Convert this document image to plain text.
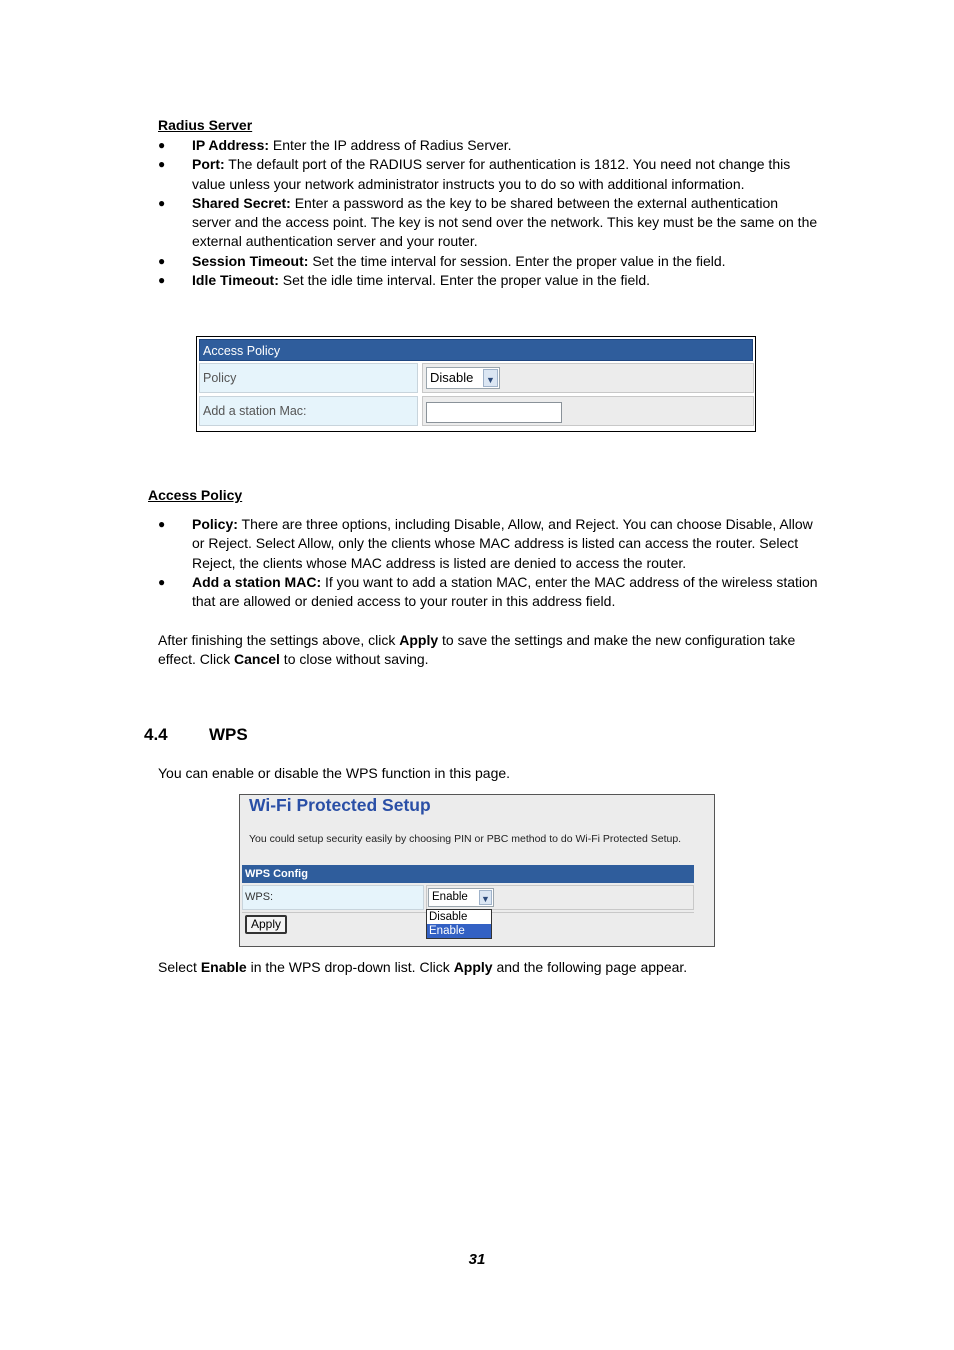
Radius Server
● IP Address: Enter the IP address of Radius Server.
● Port: The default port of the RADIUS server for authentication is 1812. You need not change this value unless your network administrator instructs you to do so with additional information.
● Shared Secret: Enter a password as the key to be shared between the external authentication server and the access point. The key is not send over the network. This key must be the same on the external authentication server and your router.
● Session Timeout: Set the time interval for session. Enter the proper value in the field.
● Idle Timeout: Set the idle time interval. Enter the proper value in the field.
Access Policy
Policy	Disable	▼
Add a station Mac:
Access Policy
● Policy: There are three options, including Disable, Allow, and Reject. You can choose Disable, Allow or Reject. Select Allow, only the clients whose MAC address is listed can access the router. Select Reject, the clients whose MAC address is listed are denied to access the router.
● Add a station MAC: If you want to add a station MAC, enter the MAC address of the wireless station that are allowed or denied access to your router in this address field.
After finishing the settings above, click Apply to save the settings and make the new configuration take effect. Click Cancel to close without saving.
4.4 WPS
You can enable or disable the WPS function in this page.
Wi-Fi Protected Setup
You could setup security easily by choosing PIN or PBC method to do Wi-Fi Protected Setup.
WPS Config
WPS:	Enable ▼
Apply	Disable
Enable
Select Enable in the WPS drop-down list. Click Apply and the following page appear.
31
